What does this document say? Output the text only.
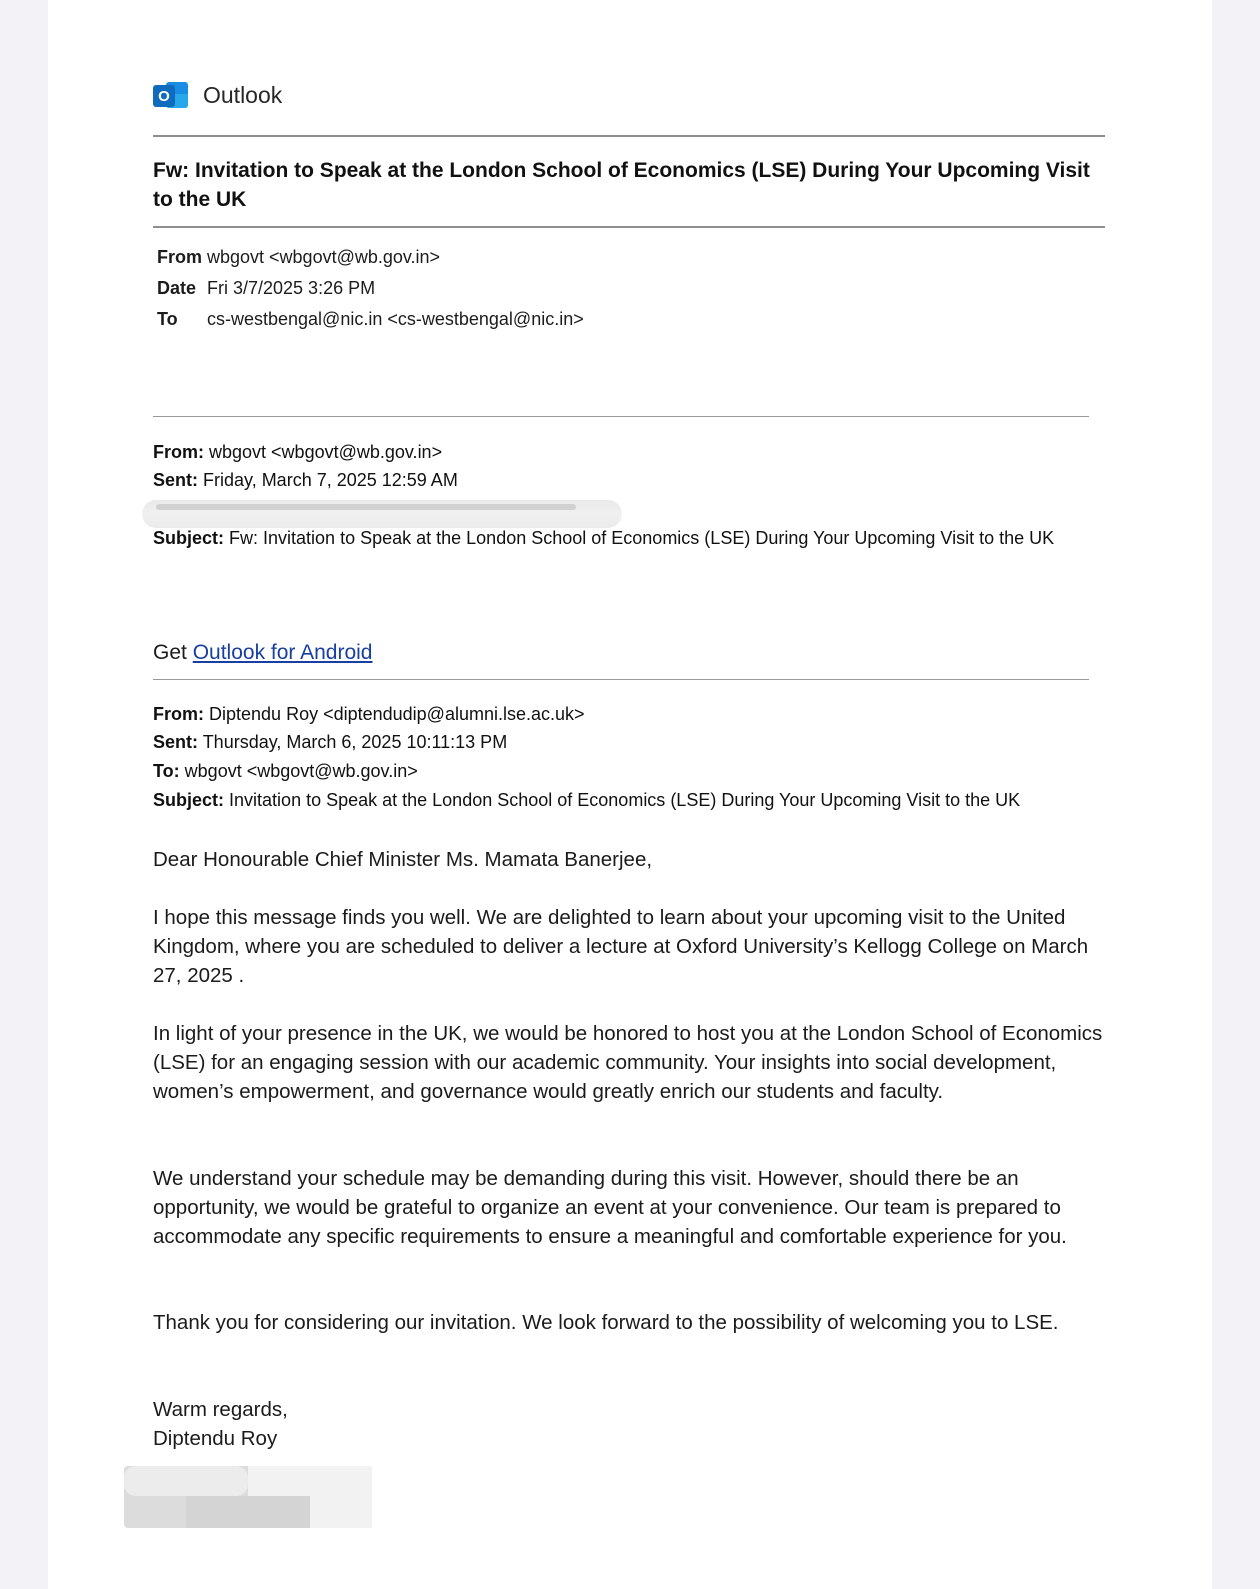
O Outlook
Fw: Invitation to Speak at the London School of Economics (LSE) During Your Upcoming Visit to the UK
From wbgovt <wbgovt@wb.gov.in>
Date Fri 3/7/2025 3:26 PM
To cs-westbengal@nic.in <cs-westbengal@nic.in>
From: wbgovt <wbgovt@wb.gov.in>
Sent: Friday, March 7, 2025 12:59 AM
Subject: Fw: Invitation to Speak at the London School of Economics (LSE) During Your Upcoming Visit to the UK
Get Outlook for Android
From: Diptendu Roy <diptendudip@alumni.lse.ac.uk>
Sent: Thursday, March 6, 2025 10:11:13 PM
To: wbgovt <wbgovt@wb.gov.in>
Subject: Invitation to Speak at the London School of Economics (LSE) During Your Upcoming Visit to the UK
Dear Honourable Chief Minister Ms. Mamata Banerjee,
I hope this message finds you well. We are delighted to learn about your upcoming visit to the United Kingdom, where you are scheduled to deliver a lecture at Oxford University’s Kellogg College on March 27, 2025 .
In light of your presence in the UK, we would be honored to host you at the London School of Economics (LSE) for an engaging session with our academic community. Your insights into social development, women’s empowerment, and governance would greatly enrich our students and faculty.
We understand your schedule may be demanding during this visit. However, should there be an opportunity, we would be grateful to organize an event at your convenience. Our team is prepared to accommodate any specific requirements to ensure a meaningful and comfortable experience for you.
Thank you for considering our invitation. We look forward to the possibility of welcoming you to LSE.
Warm regards,
Diptendu Roy
